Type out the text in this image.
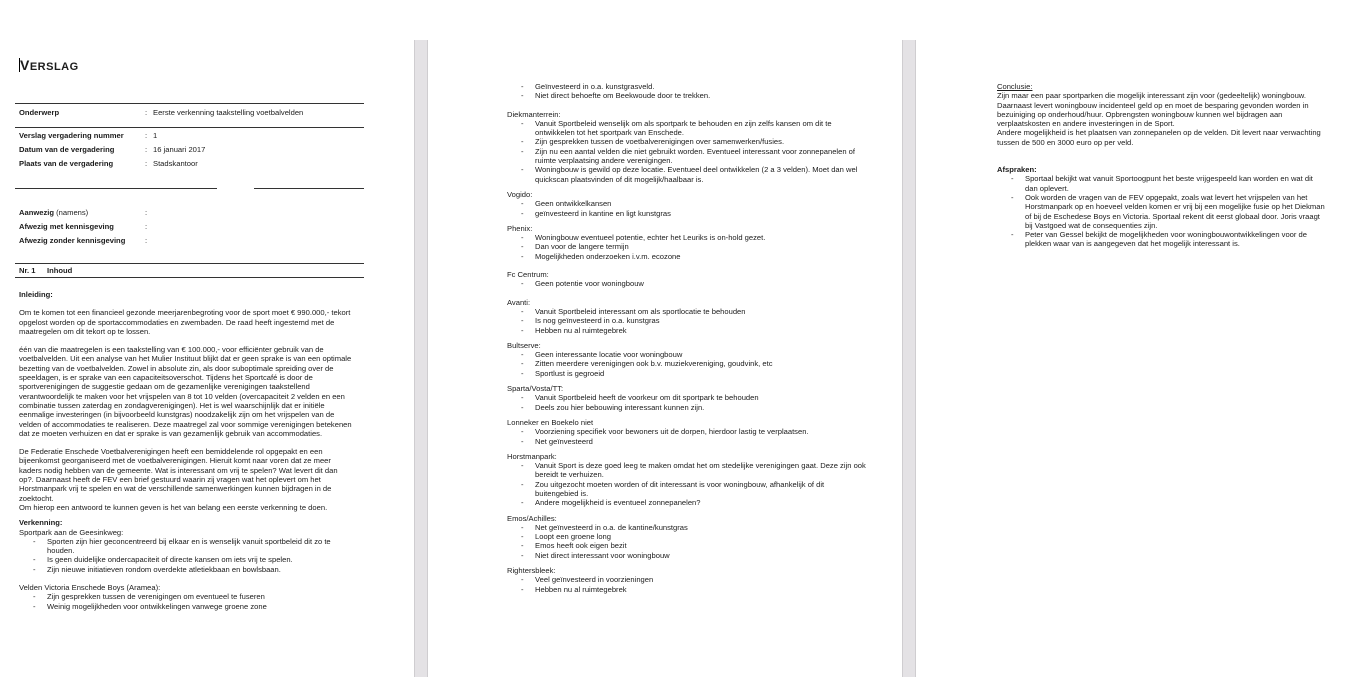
VERSLAG
Onderwerp	: Eerste verkenning taakstelling voetbalvelden
Verslag vergadering nummer	: 1
Datum van de vergadering	: 16 januari 2017
Plaats van de vergadering	: Stadskantoor
Aanwezig (namens)	:
Afwezig met kennisgeving	:
Afwezig zonder kennisgeving	:
Nr. 1 Inhoud

Inleiding:

Om te komen tot een financieel gezonde meerjarenbegroting voor de sport moet € 990.000,- tekort opgelost worden op de sportaccommodaties en zwembaden. De raad heeft ingestemd met de maatregelen om dit tekort op te lossen.

één van die maatregelen is een taakstelling van € 100.000,- voor efficiënter gebruik van de voetbalvelden. Uit een analyse van het Mulier Instituut blijkt dat er geen sprake is van een optimale bezetting van de voetbalvelden. Zowel in absolute zin, als door suboptimale spreiding over de speeldagen, is er sprake van een capaciteitsoverschot. Tijdens het Sportcafé is door de sportverenigingen de suggestie gedaan om de gezamenlijke verenigingen taakstellend verantwoordelijk te maken voor het vrijspelen van 8 tot 10 velden (overcapaciteit 2 velden en een combinatie tussen zaterdag en zondagverenigingen). Het is wel waarschijnlijk dat er initiële eenmalige investeringen (in bijvoorbeeld kunstgras) noodzakelijk zijn om het vrijspelen van de velden of accommodaties te realiseren. Deze maatregel zal voor sommige verenigingen betekenen dat ze moeten verhuizen en dat er sprake is van gezamenlijk gebruik van accommodaties.

De Federatie Enschede Voetbalverenigingen heeft een bemiddelende rol opgepakt en een bijeenkomst georganiseerd met de voetbalverenigingen. Hieruit komt naar voren dat ze meer kaders nodig hebben van de gemeente. Wat is interessant om vrij te spelen? Wat levert dit dan op?. Daarnaast heeft de FEV een brief gestuurd waarin zij vragen wat het oplevert om het Horstmanpark vrij te spelen en wat de verschillende samenwerkingen kunnen bijdragen in de zoektocht.

Om hierop een antwoord te kunnen geven is het van belang een eerste verkenning te doen.

Verkenning:

Sportpark aan de Geesinkweg:

- Sporten zijn hier geconcentreerd bij elkaar en is wenselijk vanuit sportbeleid dit zo te houden.
- Is geen duidelijke ondercapaciteit of directe kansen om iets vrij te spelen.
- Zijn nieuwe initiatieven rondom overdekte atletiekbaan en bowlsbaan.

Velden Victoria Enschede Boys (Aramea):

- Zijn gesprekken tussen de verenigingen om eventueel te fuseren
- Weinig mogelijkheden voor ontwikkelingen vanwege groene zone
- Geïnvesteerd in o.a. kunstgrasveld.
- Niet direct behoefte om Beekwoude door te trekken.

Diekmanterrein:

- Vanuit Sportbeleid wenselijk om als sportpark te behouden en zijn zelfs kansen om dit te ontwikkelen tot het sportpark van Enschede.
- Zijn gesprekken tussen de voetbalverenigingen over samenwerken/fusies.
- Zijn nu een aantal velden die niet gebruikt worden. Eventueel interessant voor zonnepanelen of ruimte verplaatsing andere verenigingen.
- Woningbouw is gewild op deze locatie. Eventueel deel ontwikkelen (2 a 3 velden). Moet dan wel quickscan plaatsvinden of dit mogelijk/haalbaar is.

Vogido:

- Geen ontwikkelkansen
- geïnvesteerd in kantine en ligt kunstgras

Phenix:

- Woningbouw eventueel potentie, echter het Leuriks is on-hold gezet.
- Dan voor de langere termijn
- Mogelijkheden onderzoeken i.v.m. ecozone

Fc Centrum:

- Geen potentie voor woningbouw

Avanti:

- Vanuit Sportbeleid interessant om als sportlocatie te behouden
- Is nog geïnvesteerd in o.a. kunstgras
- Hebben nu al ruimtegebrek

Bultserve:

- Geen interessante locatie voor woningbouw
- Zitten meerdere verenigingen ook b.v. muziekvereniging, goudvink, etc
- Sportlust is gegroeid

Sparta/Vosta/TT:

- Vanuit Sportbeleid heeft de voorkeur om dit sportpark te behouden
- Deels zou hier bebouwing interessant kunnen zijn.

Lonneker en Boekelo niet

- Voorziening specifiek voor bewoners uit de dorpen, hierdoor lastig te verplaatsen.
- Net geïnvesteerd

Horstmanpark:

- Vanuit Sport is deze goed leeg te maken omdat het om stedelijke verenigingen gaat. Deze zijn ook bereidt te verhuizen.
- Zou uitgezocht moeten worden of dit interessant is voor woningbouw, afhankelijk of dit buitengebied is.
- Andere mogelijkheid is eventueel zonnepanelen?

Emos/Achilles:

- Net geïnvesteerd in o.a. de kantine/kunstgras
- Loopt een groene long
- Emos heeft ook eigen bezit
- Niet direct interessant voor woningbouw

Rightersbleek:

- Veel geïnvesteerd in voorzieningen
- Hebben nu al ruimtegebrek

Conclusie:

Zijn maar een paar sportparken die mogelijk interessant zijn voor (gedeeltelijk) woningbouw. Daarnaast levert woningbouw incidenteel geld op en moet de besparing gevonden worden in bezuiniging op onderhoud/huur. Opbrengsten woningbouw kunnen wel bijdragen aan verplaatskosten en andere investeringen in de Sport.

Andere mogelijkheid is het plaatsen van zonnepanelen op de velden. Dit levert naar verwachting tussen de 500 en 3000 euro op per veld.

Afspraken:

- Sportaal bekijkt wat vanuit Sportoogpunt het beste vrijgespeeld kan worden en wat dit dan oplevert.
- Ook worden de vragen van de FEV opgepakt, zoals wat levert het vrijspelen van het Horstmanpark op en hoeveel velden komen er vrij bij een mogelijke fusie op het Diekman of bij de Eschedese Boys en Victoria. Sportaal rekent dit eerst globaal door. Joris vraagt bij Vastgoed wat de consequenties zijn.
- Peter van Gessel bekijkt de mogelijkheden voor woningbouwontwikkelingen voor de plekken waar van is aangegeven dat het mogelijk interessant is.
